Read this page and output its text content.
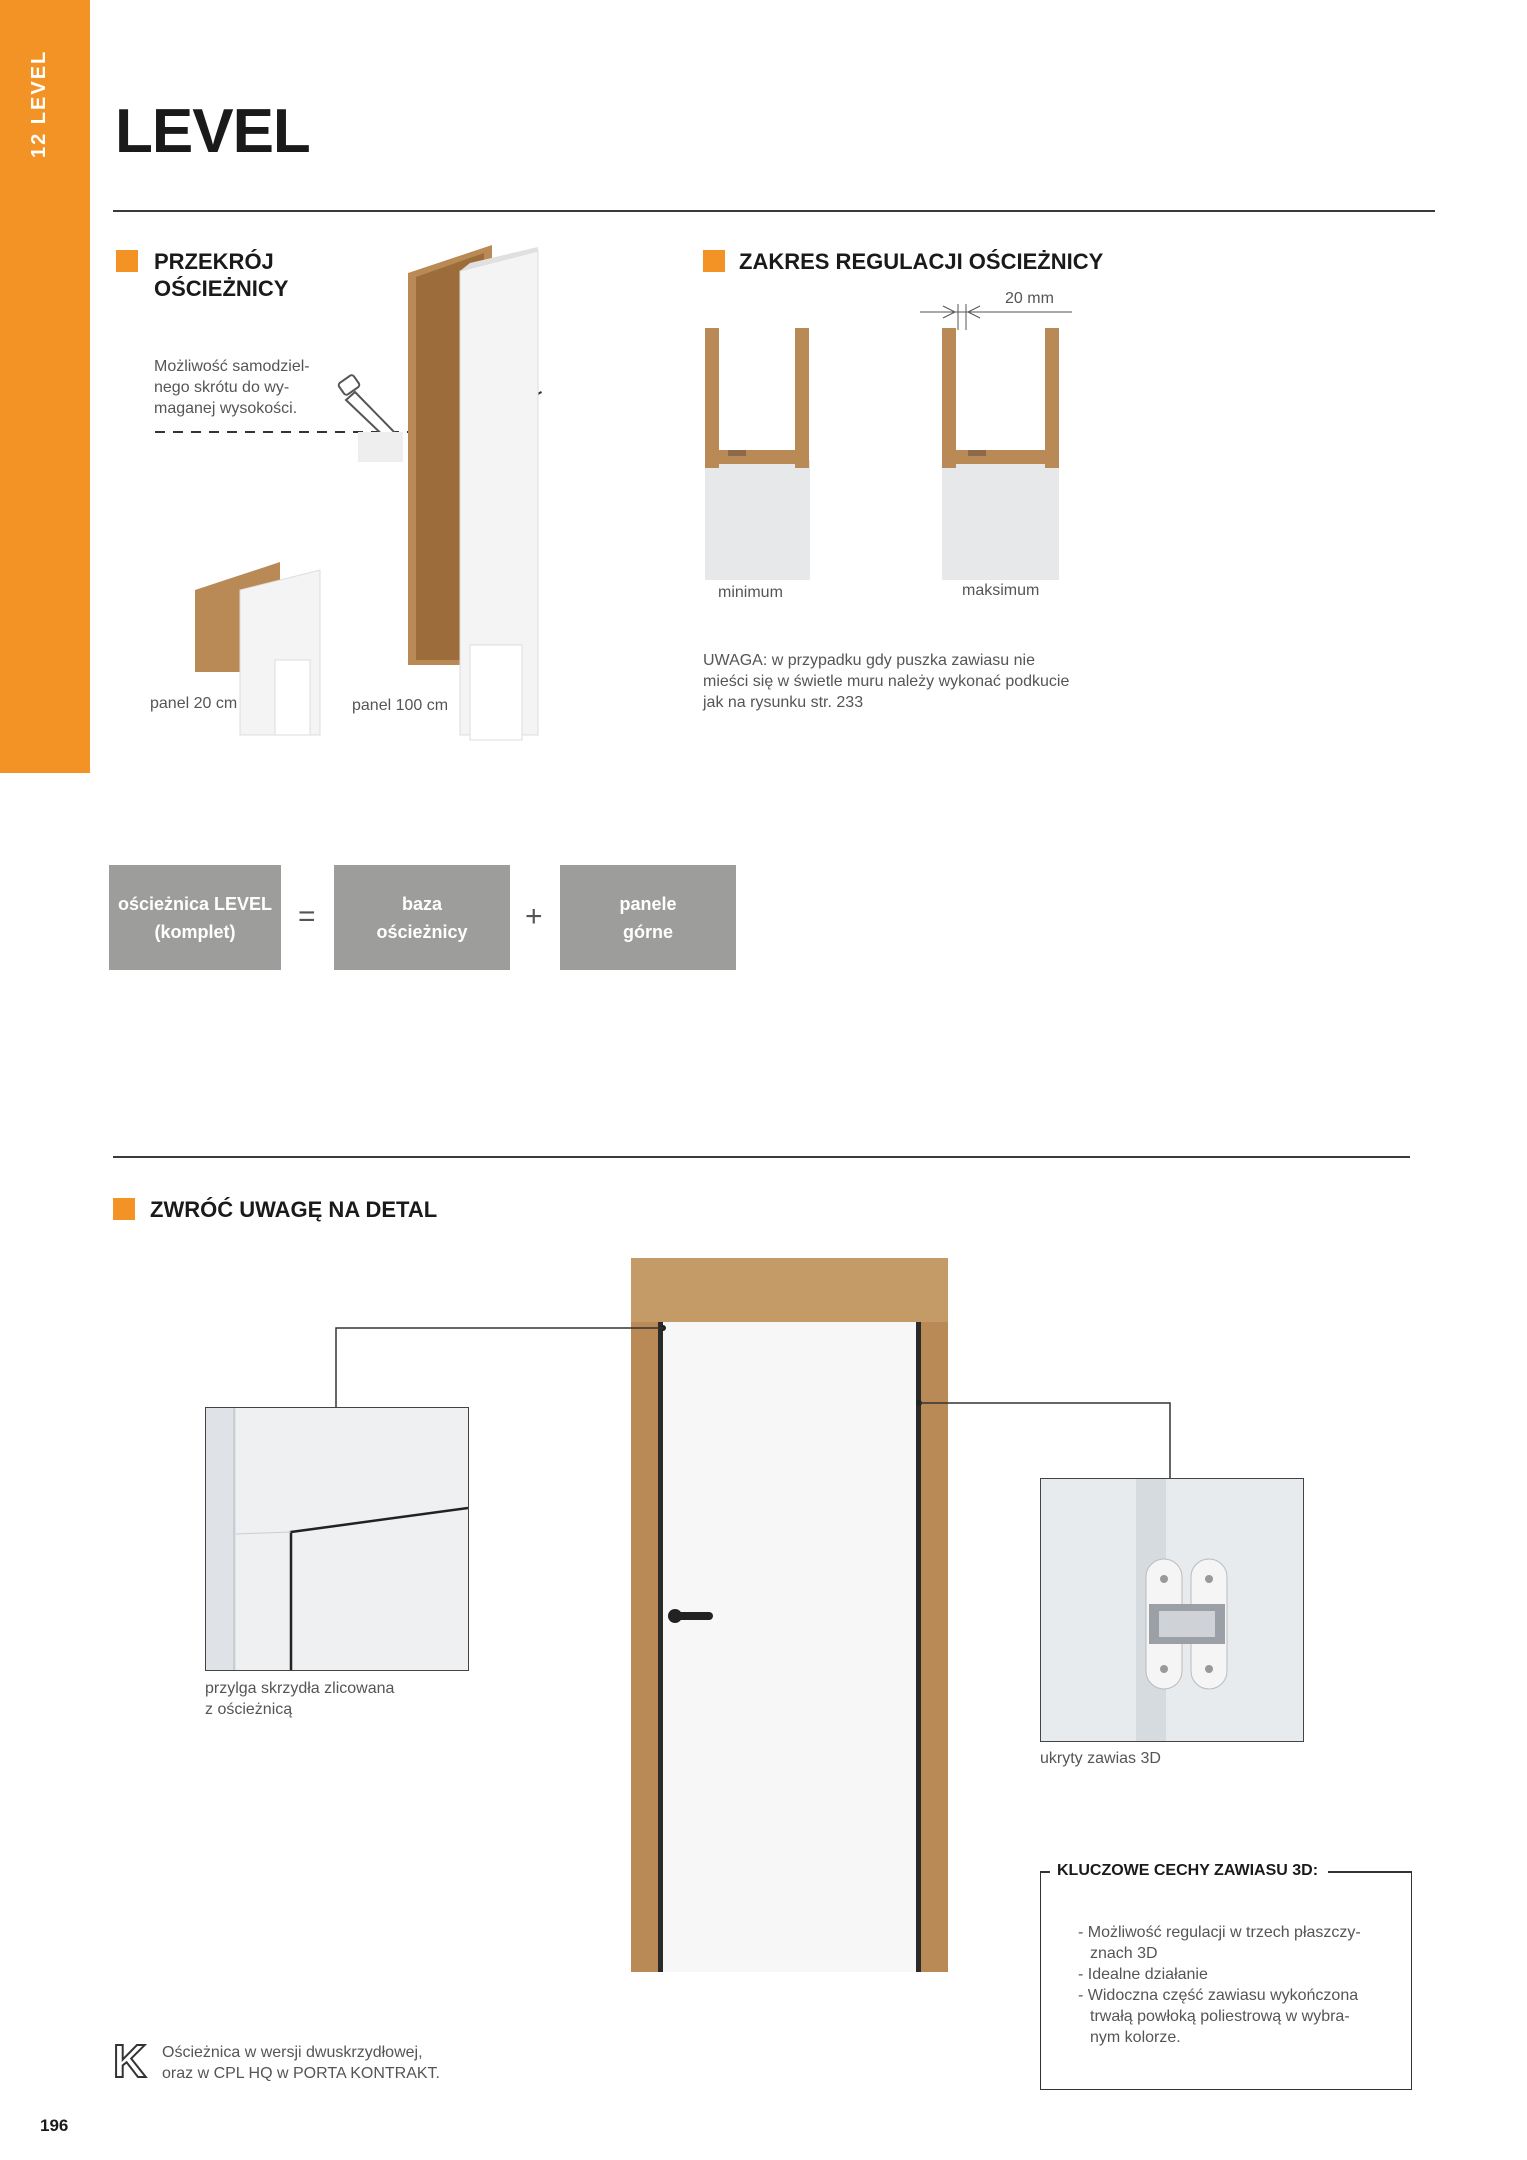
12 LEVEL LEVEL
PRZEKRÓJ
OŚCIEŻNICY
Możliwość samodziel-
nego skrótu do wy-
maganej wysokości.
panel 20 cm	panel 100 cm
ZAKRES REGULACJI OŚCIEŻNICY
20 mm
minimum	maksimum
UWAGA: w przypadku gdy puszka zawiasu nie
mieści się w świetle muru należy wykonać podkucie
jak na rysunku str. 233
ościeżnica LEVEL
(komplet)	=	baza
ościeżnicy +	panele
górne
ZWRÓĆ UWAGĘ NA DETAL
przylga skrzydła zlicowana
z ościeżnicą
ukryty zawias 3D
KLUCZOWE CECHY ZAWIASU 3D:
- Możliwość regulacji w trzech płaszczy- znach 3D
- Idealne działanie
- Widoczna część zawiasu wykończona trwałą powłoką poliestrową w wybra- nym kolorze.
K Ościeżnica w wersji dwuskrzydłowej,
oraz w CPL HQ w PORTA KONTRAKT.
196
